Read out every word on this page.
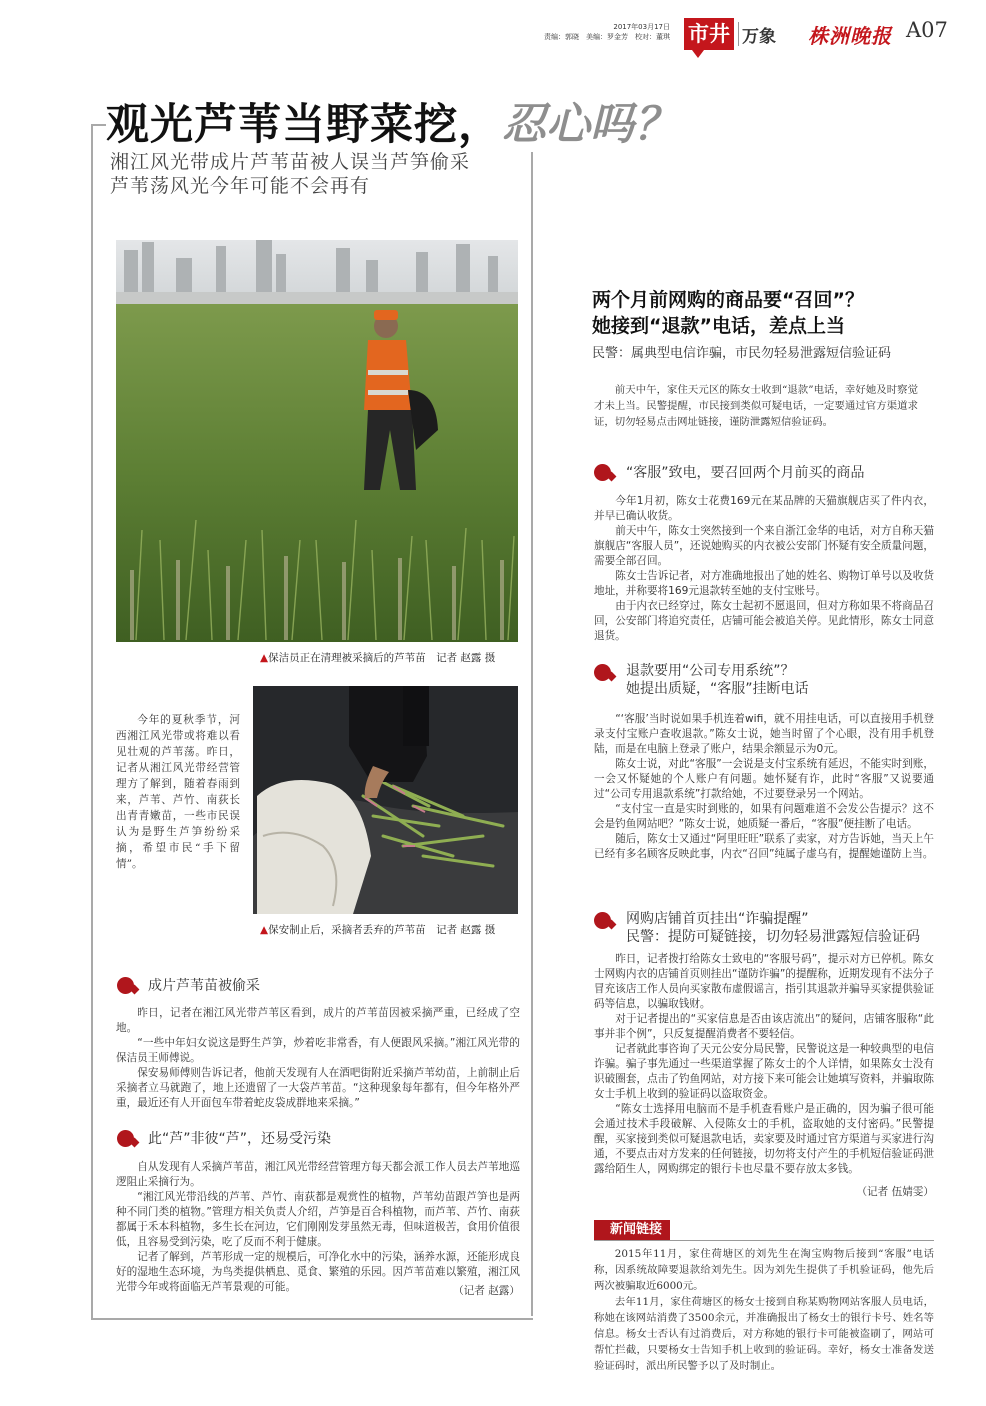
2017年03月17日
责编：郭晓　美编：罗金芳　校对：董琪 市井 万象 株洲晚报 A07
观光芦苇当野菜挖，忍心吗？
湘江风光带成片芦苇苗被人误当芦笋偷采
芦苇荡风光今年可能不会再有
▲保洁员正在清理被采摘后的芦苇苗　记者 赵露 摄

今年的夏秋季节，河西湘江风光带或将难以看见壮观的芦苇荡。昨日，记者从湘江风光带经营管理方了解到，随着春雨到来，芦苇、芦竹、南荻长出青青嫩苗，一些市民误认为是野生芦笋纷纷采摘，希望市民“手下留情”。

▲保安制止后，采摘者丢弃的芦苇苗　记者 赵露 摄
成片芦苇苗被偷采

昨日，记者在湘江风光带芦苇区看到，成片的芦苇苗因被采摘严重，已经成了空地。

“一些中年妇女说这是野生芦笋，炒着吃非常香，有人便跟风采摘。”湘江风光带的保洁员王师傅说。

保安易师傅则告诉记者，他前天发现有人在酒吧街附近采摘芦苇幼苗，上前制止后采摘者立马就跑了，地上还遗留了一大袋芦苇苗。“这种现象每年都有，但今年格外严重，最近还有人开面包车带着蛇皮袋成群地来采摘。”

此“芦”非彼“芦”，还易受污染

自从发现有人采摘芦苇苗，湘江风光带经营管理方每天都会派工作人员去芦苇地巡逻阻止采摘行为。

“湘江风光带沿线的芦苇、芦竹、南荻都是观赏性的植物，芦苇幼苗跟芦笋也是两种不同门类的植物。”管理方相关负责人介绍，芦笋是百合科植物，而芦苇、芦竹、南荻都属于禾本科植物，多生长在河边，它们刚刚发芽虽然无毒，但味道极苦，食用价值很低，且容易受到污染，吃了反而不利于健康。

记者了解到，芦苇形成一定的规模后，可净化水中的污染，涵养水源，还能形成良好的湿地生态环境，为鸟类提供栖息、觅食、繁殖的乐园。因芦苇苗难以繁殖，湘江风光带今年或将面临无芦苇景观的可能。	（记者 赵露）
两个月前网购的商品要“召回”？
她接到“退款”电话，差点上当
民警：属典型电信诈骗，市民勿轻易泄露短信验证码

前天中午，家住天元区的陈女士收到“退款”电话，幸好她及时察觉才未上当。民警提醒，市民接到类似可疑电话，一定要通过官方渠道求证，切勿轻易点击网址链接，谨防泄露短信验证码。

“客服”致电，要召回两个月前买的商品

今年1月初，陈女士花费169元在某品牌的天猫旗舰店买了件内衣，并早已确认收货。

前天中午，陈女士突然接到一个来自浙江金华的电话，对方自称天猫旗舰店“客服人员”，还说她购买的内衣被公安部门怀疑有安全质量问题，需要全部召回。

陈女士告诉记者，对方准确地报出了她的姓名、购物订单号以及收货地址，并称要将169元退款转至她的支付宝账号。

由于内衣已经穿过，陈女士起初不愿退回，但对方称如果不将商品召回，公安部门将追究责任，店铺可能会被追关停。见此情形，陈女士同意退货。

退款要用“公司专用系统”？
她提出质疑，“客服”挂断电话

“‘客服’当时说如果手机连着wifi，就不用挂电话，可以直接用手机登录支付宝账户查收退款。”陈女士说，她当时留了个心眼，没有用手机登陆，而是在电脑上登录了账户，结果余额显示为0元。

陈女士说，对此“客服”一会说是支付宝系统有延迟，不能实时到账，一会又怀疑她的个人账户有问题。她怀疑有诈，此时“客服”又说要通过“公司专用退款系统”打款给她，不过要登录另一个网站。

“支付宝一直是实时到账的，如果有问题难道不会发公告提示？这不会是钓鱼网站吧？”陈女士说，她质疑一番后，“客服”便挂断了电话。

随后，陈女士又通过“阿里旺旺”联系了卖家，对方告诉她，当天上午已经有多名顾客反映此事，内衣“召回”纯属子虚乌有，提醒她谨防上当。

网购店铺首页挂出“诈骗提醒”
民警：提防可疑链接，切勿轻易泄露短信验证码

昨日，记者拨打给陈女士致电的“客服号码”，提示对方已停机。陈女士网购内衣的店铺首页则挂出“谨防诈骗”的提醒称，近期发现有不法分子冒充该店工作人员向买家散布虚假谣言，指引其退款并骗导买家提供验证码等信息，以骗取钱财。

对于记者提出的“买家信息是否由该店流出”的疑问，店铺客服称“此事并非个例”，只反复提醒消费者不要轻信。

记者就此事咨询了天元公安分局民警，民警说这是一种较典型的电信诈骗。骗子事先通过一些渠道掌握了陈女士的个人详情，如果陈女士没有识破圈套，点击了钓鱼网站，对方接下来可能会让她填写资料，并骗取陈女士手机上收到的验证码以盗取资金。

“陈女士选择用电脑而不是手机查看账户是正确的，因为骗子很可能会通过技术手段破解、入侵陈女士的手机，盗取她的支付密码。”民警提醒，买家接到类似可疑退款电话，卖家要及时通过官方渠道与买家进行沟通，不要点击对方发来的任何链接，切勿将支付产生的手机短信验证码泄露给陌生人，网购绑定的银行卡也尽量不要存放太多钱。

（记者 伍婧雯）
新闻链接

2015年11月，家住荷塘区的刘先生在淘宝购物后接到“客服”电话称，因系统故障要退款给刘先生。因为刘先生提供了手机验证码，他先后两次被骗取近6000元。

去年11月，家住荷塘区的杨女士接到自称某购物网站客服人员电话，称她在该网站消费了3500余元，并准确报出了杨女士的银行卡号、姓名等信息。杨女士否认有过消费后，对方称她的银行卡可能被盗刷了，网站可帮忙拦截，只要杨女士告知手机上收到的验证码。幸好，杨女士准备发送验证码时，派出所民警予以了及时制止。
